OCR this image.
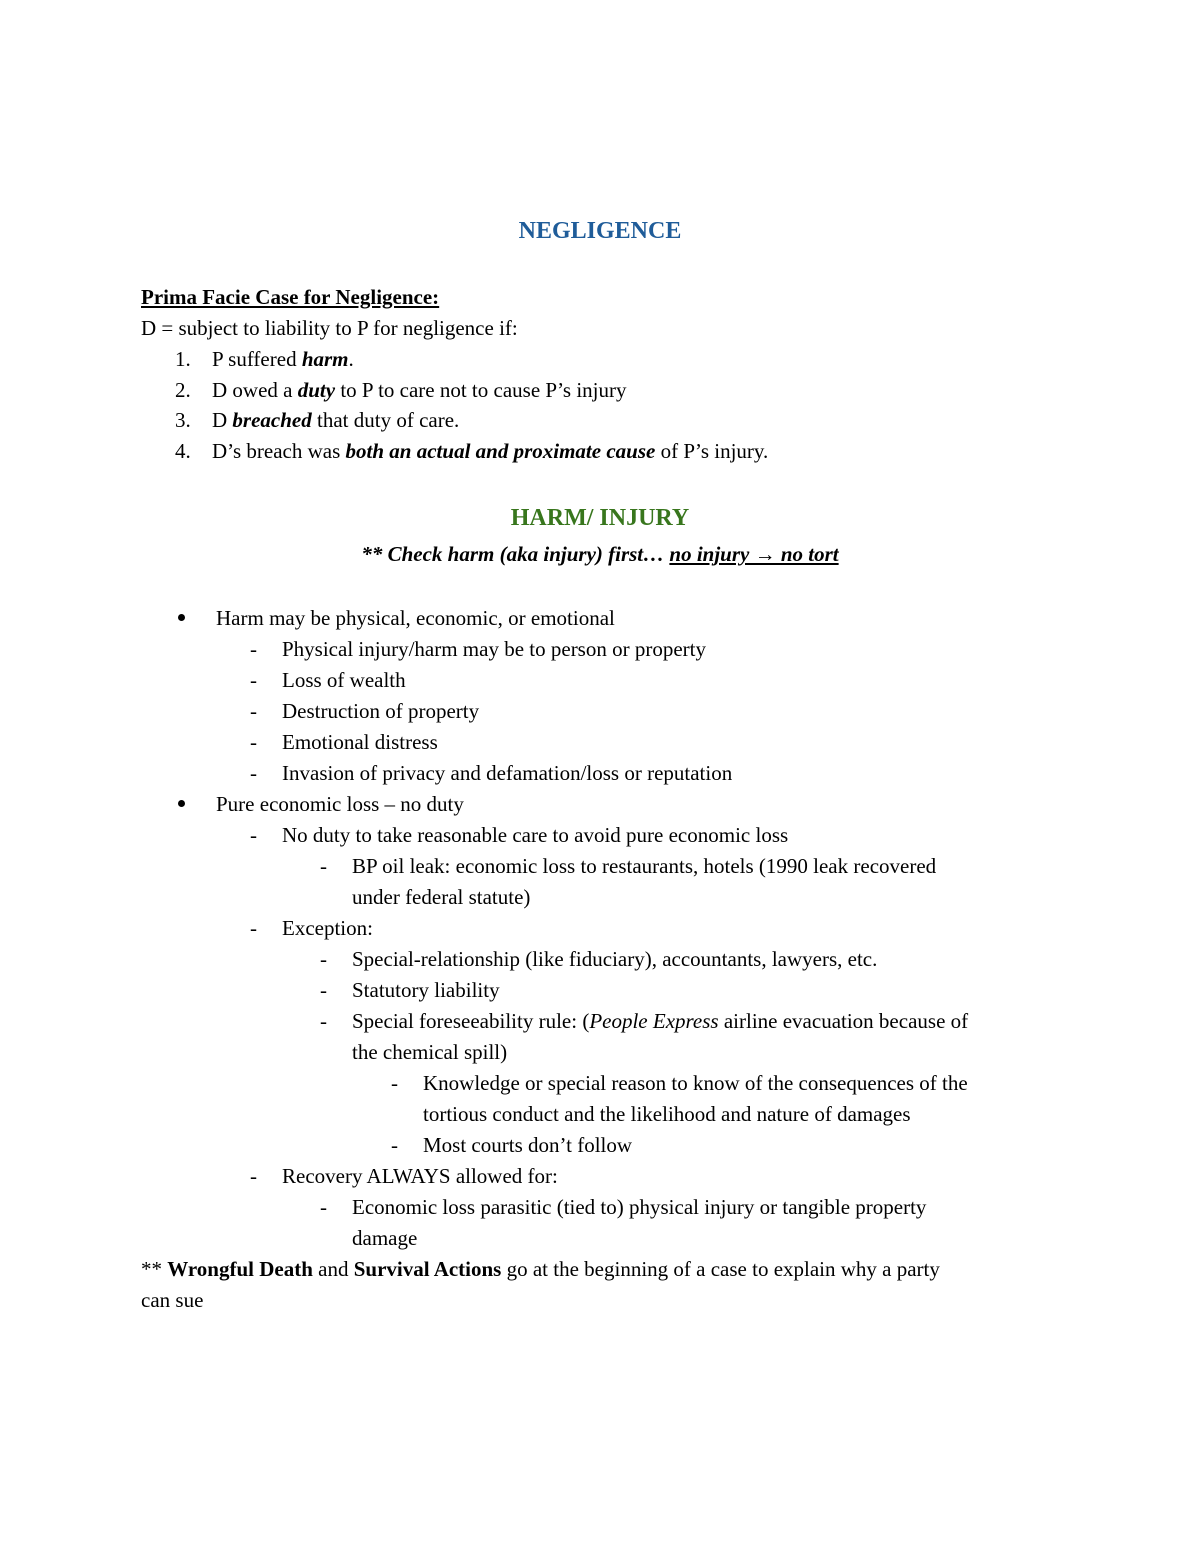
NEGLIGENCE
Prima Facie Case for Negligence:
D = subject to liability to P for negligence if:
1. P suffered harm.
2. D owed a duty to P to care not to cause P’s injury
3. D breached that duty of care.
4. D’s breach was both an actual and proximate cause of P’s injury.
HARM/ INJURY
** Check harm (aka injury) first… no injury → no tort
Harm may be physical, economic, or emotional
- Physical injury/harm may be to person or property
- Loss of wealth
- Destruction of property
- Emotional distress
- Invasion of privacy and defamation/loss or reputation
Pure economic loss – no duty
- No duty to take reasonable care to avoid pure economic loss
- BP oil leak: economic loss to restaurants, hotels (1990 leak recovered
under federal statute)
- Exception:
- Special-relationship (like fiduciary), accountants, lawyers, etc.
- Statutory liability
- Special foreseeability rule: (People Express airline evacuation because of
the chemical spill)
- Knowledge or special reason to know of the consequences of the
tortious conduct and the likelihood and nature of damages
- Most courts don’t follow
- Recovery ALWAYS allowed for:
- Economic loss parasitic (tied to) physical injury or tangible property
damage
** Wrongful Death and Survival Actions go at the beginning of a case to explain why a party
can sue
